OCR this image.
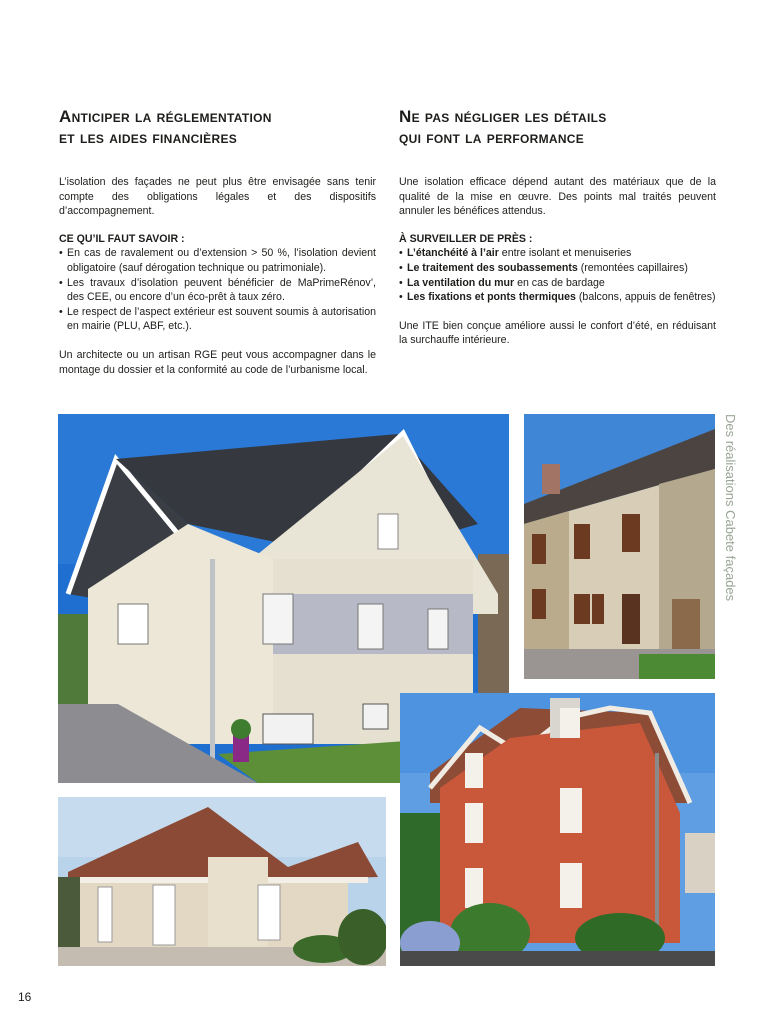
Anticiper la réglementation
et les aides financières

L’isolation des façades ne peut plus être envisagée sans tenir compte des obligations légales et des dispositifs d’accompagnement.

CE QU’IL FAUT SAVOIR :

• En cas de ravalement ou d’extension > 50 %, l’isolation devient obligatoire (sauf dérogation technique ou patrimoniale).
• Les travaux d’isolation peuvent bénéficier de MaPrimeRénov’, des CEE, ou encore d’un éco-prêt à taux zéro.
• Le respect de l’aspect extérieur est souvent soumis à autorisation en mairie (PLU, ABF, etc.).

Un architecte ou un artisan RGE peut vous accompagner dans le montage du dossier et la conformité au code de l’urbanisme local.

Ne pas négliger les détails
qui font la performance

Une isolation efficace dépend autant des matériaux que de la qualité de la mise en œuvre. Des points mal traités peuvent annuler les bénéfices attendus.

À SURVEILLER DE PRÈS :

• L’étanchéité à l’air entre isolant et menuiseries
• Le traitement des soubassements (remontées capillaires)
• La ventilation du mur en cas de bardage
• Les fixations et ponts thermiques (balcons, appuis de fenêtres)

Une ITE bien conçue améliore aussi le confort d’été, en réduisant la surchauffe intérieure.

Des réalisations Cabete façades
16
